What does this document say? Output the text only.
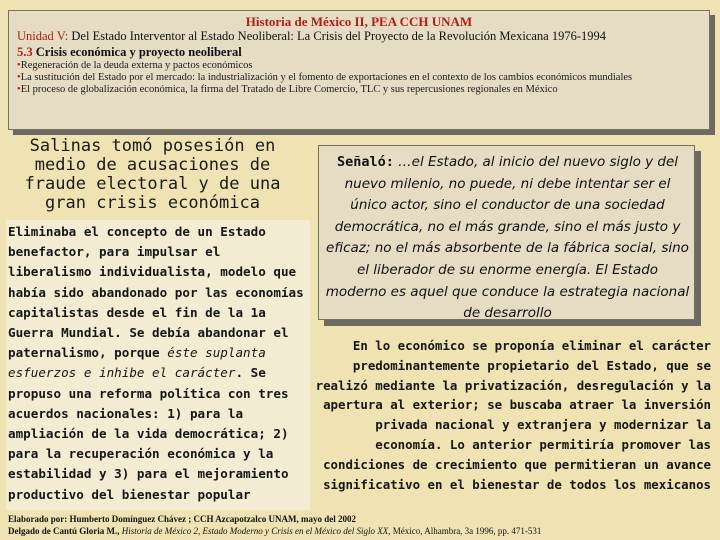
Historia de México II, PEA CCH UNAM
Unidad V: Del Estado Interventor al Estado Neoliberal: La Crisis del Proyecto de la Revolución Mexicana 1976-1994
5.3 Crisis económica y proyecto neoliberal
•Regeneración de la deuda externa y pactos económicos
•La sustitución del Estado por el mercado: la industrialización y el fomento de exportaciones en el contexto de los cambios económicos mundiales
•El proceso de globalización económica, la firma del Tratado de Libre Comercio, TLC y sus repercusiones regionales en México
Salinas tomó posesión en medio de acusaciones de fraude electoral y de una gran crisis económica
Eliminaba el concepto de un Estado benefactor, para impulsar el liberalismo individualista, modelo que había sido abandonado por las economías capitalistas desde el fin de la 1a Guerra Mundial. Se debía abandonar el paternalismo, porque éste suplanta esfuerzos e inhibe el carácter. Se propuso una reforma política con tres acuerdos nacionales: 1) para la ampliación de la vida democrática; 2) para la recuperación económica y la estabilidad y 3) para el mejoramiento productivo del bienestar popular
Señaló: …el Estado, al inicio del nuevo siglo y del nuevo milenio, no puede, ni debe intentar ser el único actor, sino el conductor de una sociedad democrática, no el más grande, sino el más justo y eficaz; no el más absorbente de la fábrica social, sino el liberador de su enorme energía. El Estado moderno es aquel que conduce la estrategia nacional de desarrollo
En lo económico se proponía eliminar el carácter predominantemente propietario del Estado, que se realizó mediante la privatización, desregulación y la apertura al exterior; se buscaba atraer la inversión privada nacional y extranjera y modernizar la economía. Lo anterior permitiría promover las condiciones de crecimiento que permitieran un avance significativo en el bienestar de todos los mexicanos
Elaborado por: Humberto Domínguez Chávez ; CCH Azcapotzalco UNAM, mayo del 2002
Delgado de Cantú Gloria M., Historia de México 2, Estado Moderno y Crisis en el México del Siglo XX, México, Alhambra, 3a 1996, pp. 471-531
